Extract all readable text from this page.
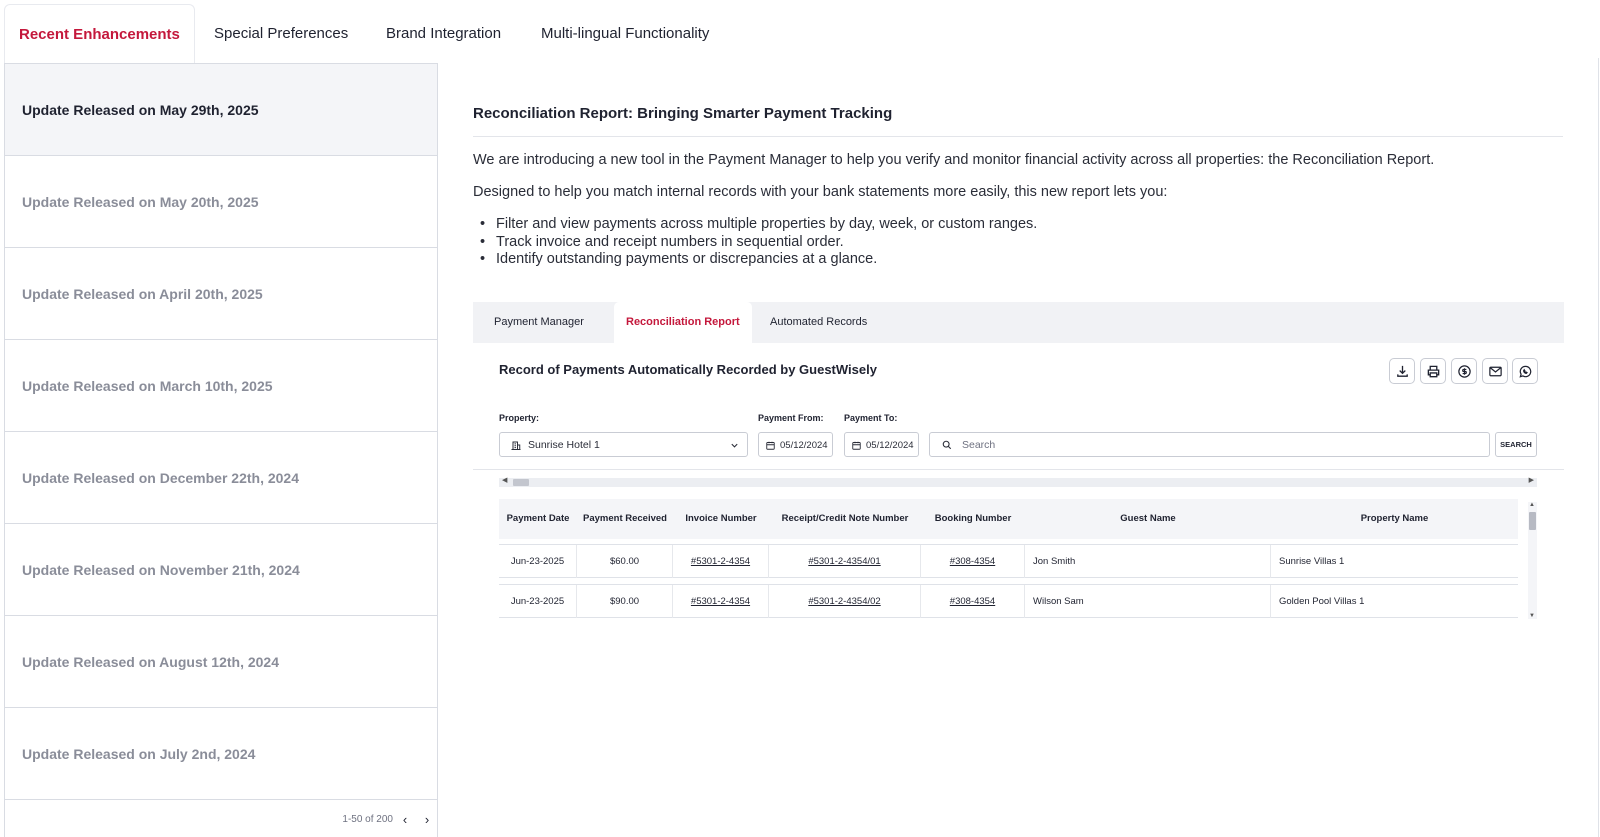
Recent Enhancements	Special Preferences	Brand Integration	Multi-lingual Functionality
Update Released on May 29th, 2025
Update Released on May 20th, 2025
Update Released on April 20th, 2025
Update Released on March 10th, 2025
Update Released on December 22th, 2024
Update Released on November 21th, 2024
Update Released on August 12th, 2024
Update Released on July 2nd, 2024
1-50 of 200 ‹	›
Reconciliation Report: Bringing Smarter Payment Tracking

We are introducing a new tool in the Payment Manager to help you verify and monitor financial activity across all properties: the Reconciliation Report.

Designed to help you match internal records with your bank statements more easily, this new report lets you:

• Filter and view payments across multiple properties by day, week, or custom ranges.
• Track invoice and receipt numbers in sequential order.
• Identify outstanding payments or discrepancies at a glance.
Payment Manager	Reconciliation Report	Automated Records
Record of Payments Automatically Recorded by GuestWisely
Property:	Payment From: Payment To:
Sunrise Hotel 1	05/12/2024	05/12/2024	Search	SEARCH
◀	▶
Payment Date	Payment Received	Invoice Number	Receipt/Credit Note Number	Booking Number	Guest Name	Property Name
Jun-23-2025	$60.00	#5301-2-4354	#5301-2-4354/01	#308-4354	Jon Smith	Sunrise Villas 1
Jun-23-2025	$90.00	#5301-2-4354	#5301-2-4354/02	#308-4354	Wilson Sam	Golden Pool Villas 1
▲
▼
